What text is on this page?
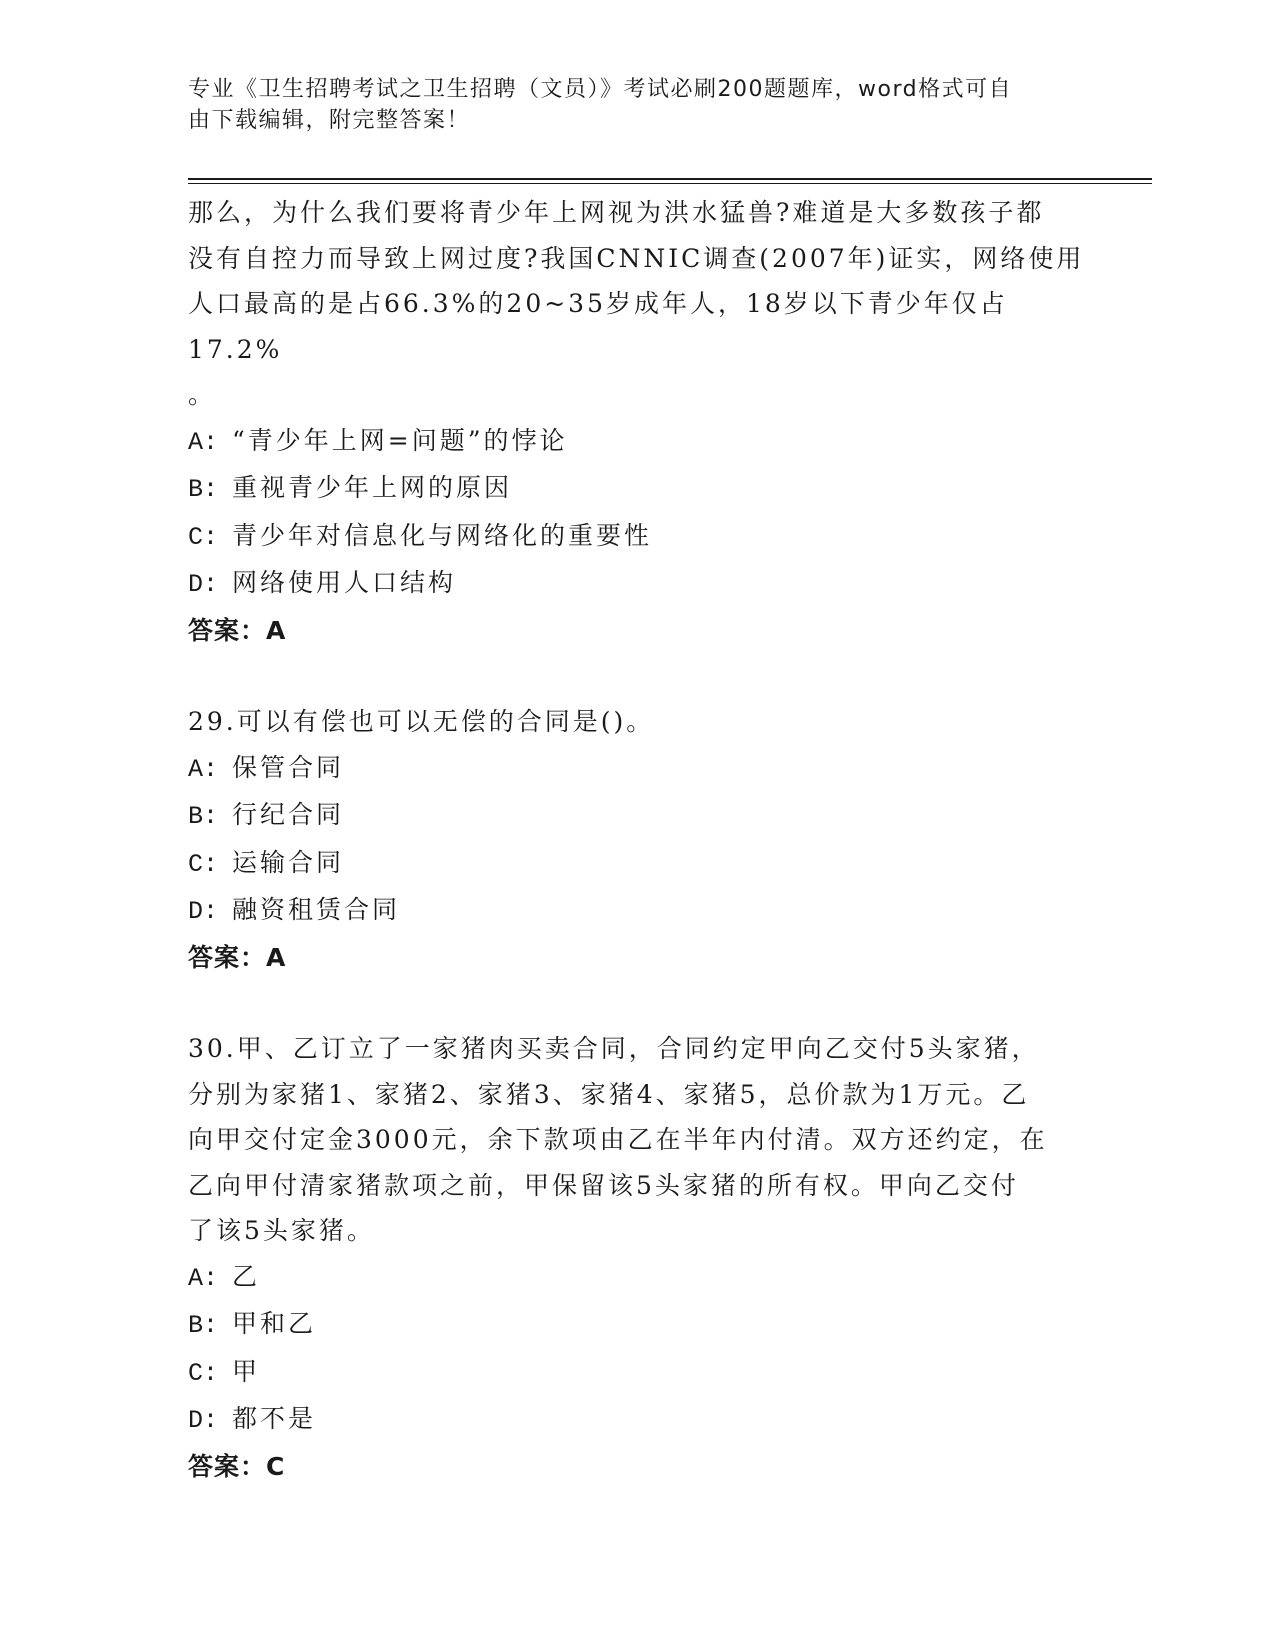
专业《卫生招聘考试之卫生招聘（文员）》考试必刷200题题库，word格式可自
由下载编辑，附完整答案！

那么，为什么我们要将青少年上网视为洪水猛兽?难道是大多数孩子都

没有自控力而导致上网过度?我国CNNIC调查(2007年)证实，网络使用

人口最高的是占66.3%的20~35岁成年人，18岁以下青少年仅占17.2%

。

A: “青少年上网=问题”的悖论

B: 重视青少年上网的原因

C: 青少年对信息化与网络化的重要性

D: 网络使用人口结构

答案：A

29.可以有偿也可以无偿的合同是()。

A: 保管合同

B: 行纪合同

C: 运输合同

D: 融资租赁合同

答案：A

30.甲、乙订立了一家猪肉买卖合同，合同约定甲向乙交付5头家猪，

分别为家猪1、家猪2、家猪3、家猪4、家猪5，总价款为1万元。乙

向甲交付定金3000元，余下款项由乙在半年内付清。双方还约定，在

乙向甲付清家猪款项之前，甲保留该5头家猪的所有权。甲向乙交付

了该5头家猪。

A: 乙

B: 甲和乙

C: 甲

D: 都不是

答案：C
